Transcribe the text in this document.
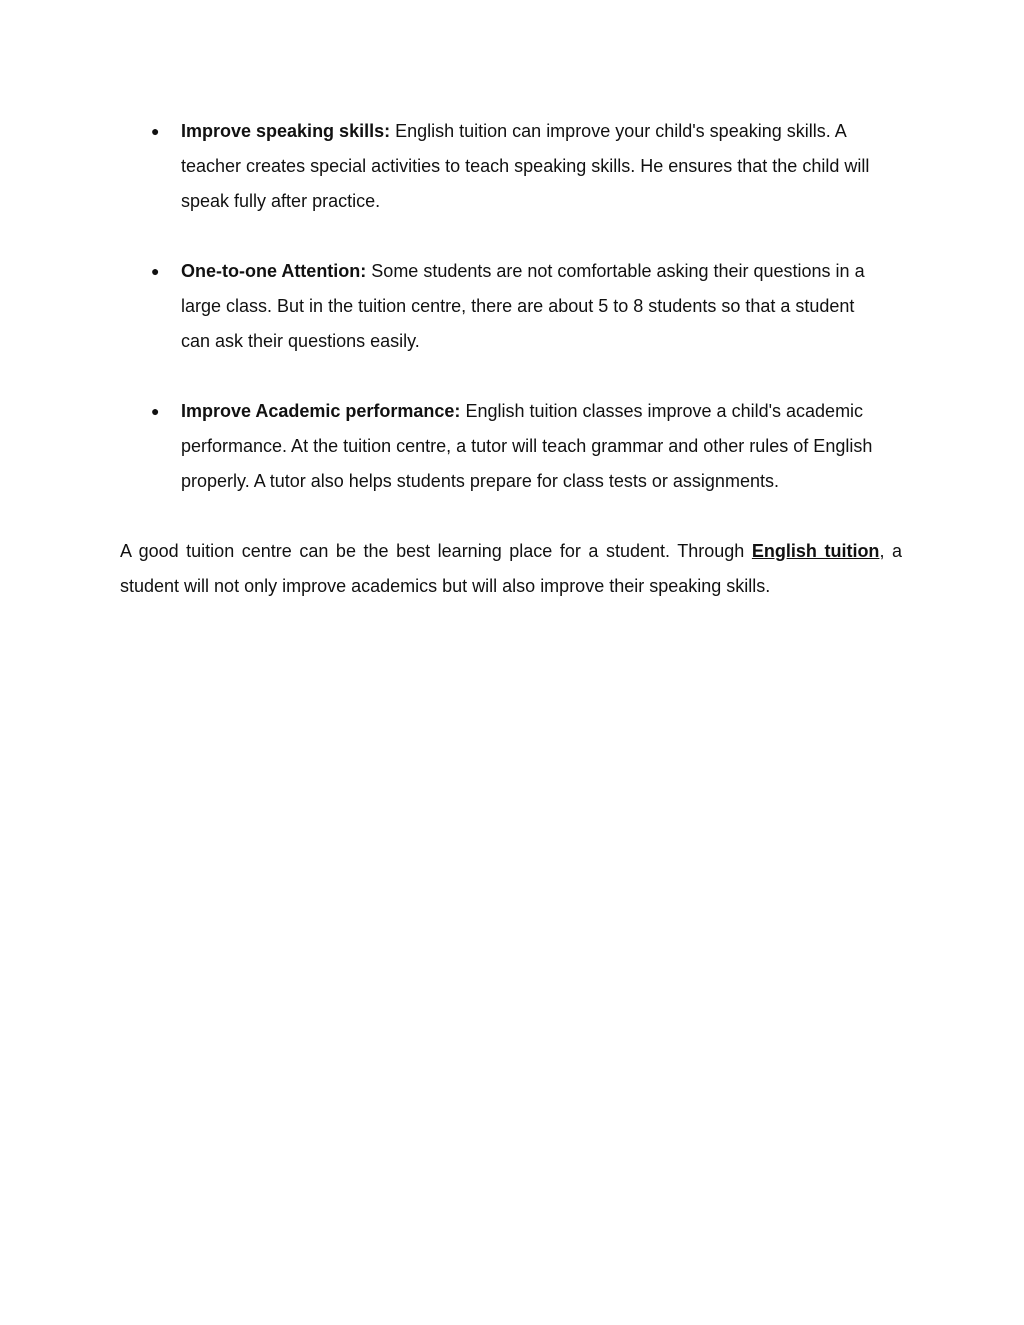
● Improve speaking skills: English tuition can improve your child's speaking skills. A teacher creates special activities to teach speaking skills. He ensures that the child will speak fully after practice.
● One-to-one Attention: Some students are not comfortable asking their questions in a large class. But in the tuition centre, there are about 5 to 8 students so that a student can ask their questions easily.
● Improve Academic performance: English tuition classes improve a child's academic performance. At the tuition centre, a tutor will teach grammar and other rules of English properly. A tutor also helps students prepare for class tests or assignments.

A good tuition centre can be the best learning place for a student. Through English tuition, a student will not only improve academics but will also improve their speaking skills.
